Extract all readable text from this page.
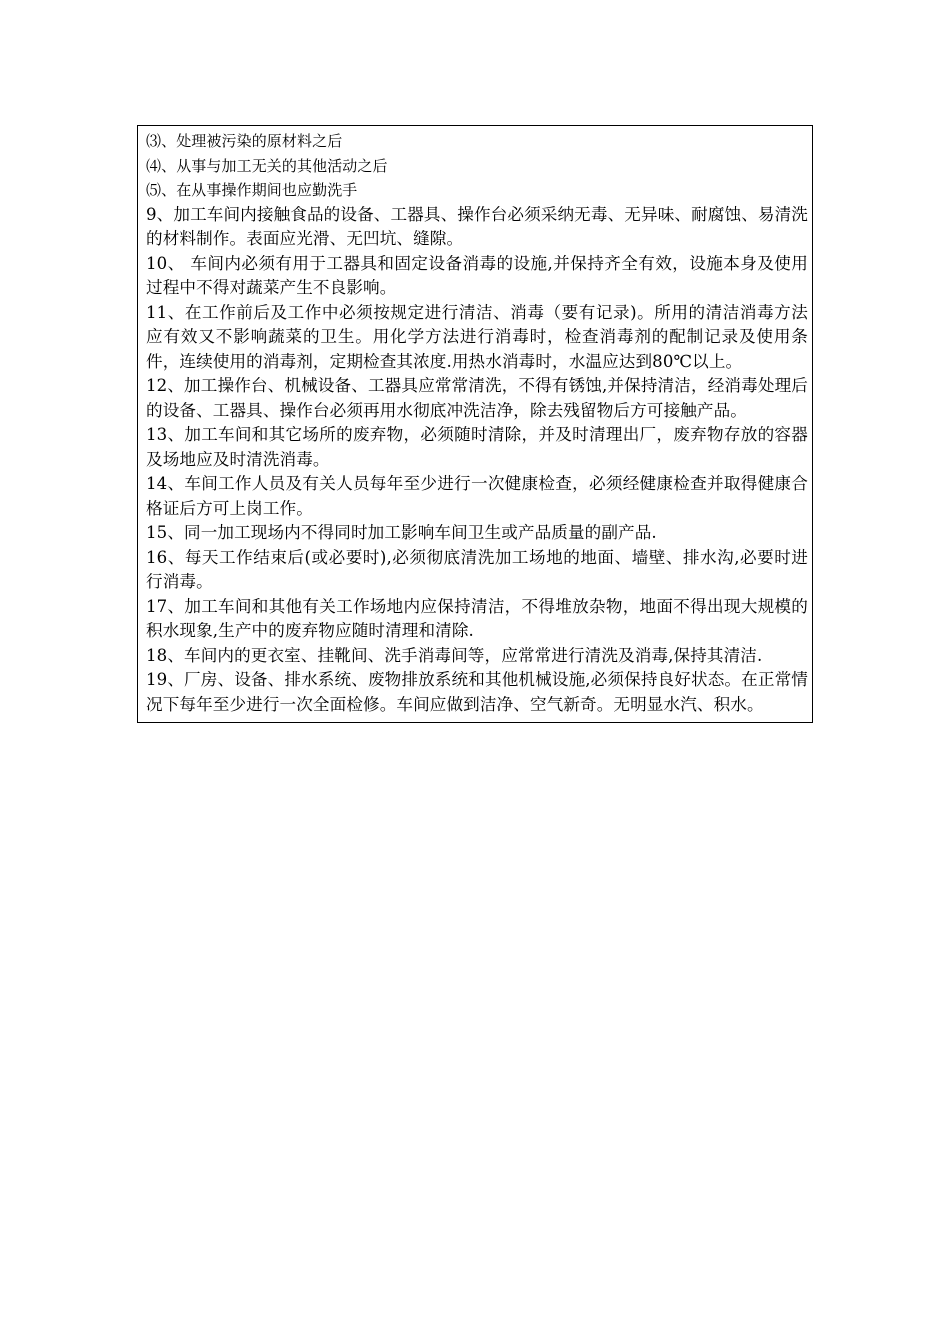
⑶、处理被污染的原材料之后

⑷、从事与加工无关的其他活动之后

⑸、在从事操作期间也应勤洗手

9、加工车间内接触食品的设备、工器具、操作台必须采纳无毒、无异味、耐腐蚀、易清洗的材料制作。表面应光滑、无凹坑、缝隙。

10、 车间内必须有用于工器具和固定设备消毒的设施,并保持齐全有效，设施本身及使用过程中不得对蔬菜产生不良影响。

11、在工作前后及工作中必须按规定进行清洁、消毒（要有记录)。所用的清洁消毒方法应有效又不影响蔬菜的卫生。用化学方法进行消毒时，检查消毒剂的配制记录及使用条件，连续使用的消毒剂，定期检查其浓度.用热水消毒时，水温应达到80℃以上。

12、加工操作台、机械设备、工器具应常常清洗，不得有锈蚀,并保持清洁，经消毒处理后的设备、工器具、操作台必须再用水彻底冲洗洁净，除去残留物后方可接触产品。

13、加工车间和其它场所的废弃物，必须随时清除，并及时清理出厂，废弃物存放的容器及场地应及时清洗消毒。

14、车间工作人员及有关人员每年至少进行一次健康检查，必须经健康检查并取得健康合格证后方可上岗工作。

15、同一加工现场内不得同时加工影响车间卫生或产品质量的副产品.

16、每天工作结束后(或必要时),必须彻底清洗加工场地的地面、墙壁、排水沟,必要时进行消毒。

17、加工车间和其他有关工作场地内应保持清洁，不得堆放杂物，地面不得出现大规模的积水现象,生产中的废弃物应随时清理和清除.

18、车间内的更衣室、挂靴间、洗手消毒间等，应常常进行清洗及消毒,保持其清洁.

19、厂房、设备、排水系统、废物排放系统和其他机械设施,必须保持良好状态。在正常情况下每年至少进行一次全面检修。车间应做到洁净、空气新奇。无明显水汽、积水。
